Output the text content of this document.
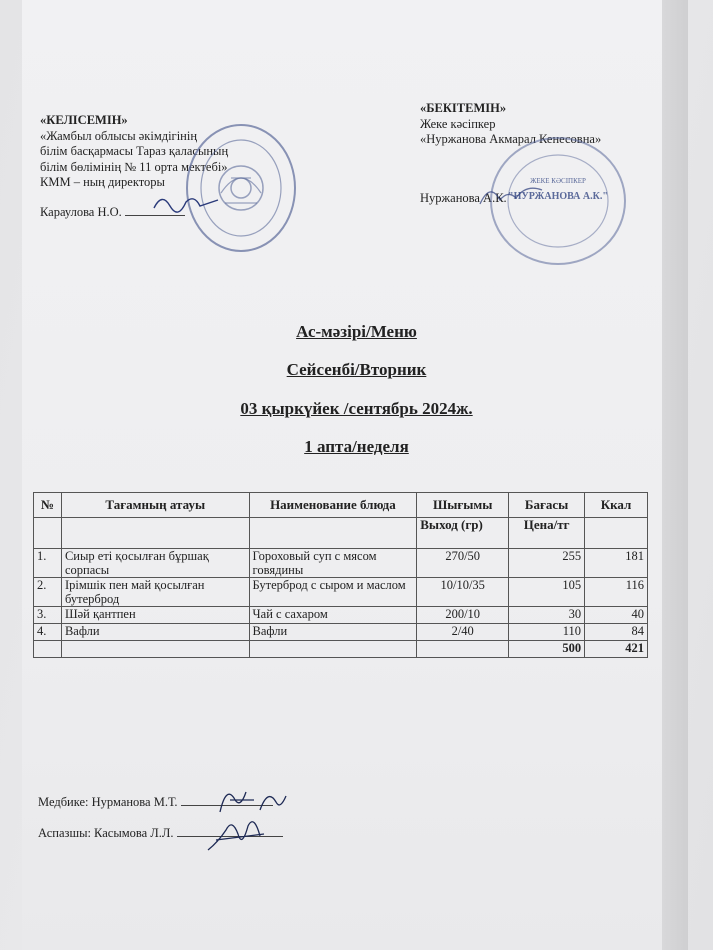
«КЕЛІСЕМІН»
«Жамбыл облысы әкімдігінің
білім басқармасы Тараз қаласының
білім бөлімінің № 11 орта мектебі»
КММ – ның директоры
Караулова Н.О.
«БЕКІТЕМІН»
Жеке кәсіпкер
«Нуржанова Акмарал Кенесовна»
Нуржанова А.К.
ЖЕКЕ КӘСІПКЕР
"НУРЖАНОВА А.К."
Ас-мәзірі/Меню
Сейсенбі/Вторник
03 қыркүйек /сентябрь 2024ж.
1 апта/неделя
№	Тағамның атауы	Наименование блюда	Шығымы	Бағасы	Ккал
			Выход (гр)	Цена/тг	
1.	Сиыр еті қосылған бұршақ сорпасы	Гороховый суп с мясом говядины	270/50	255	181
2.	Ірімшік пен май қосылған бутерброд	Бутерброд с сыром и маслом	10/10/35	105	116
3.	Шәй қантпен	Чай с сахаром	200/10	30	40
4.	Вафли	Вафли	2/40	110	84
				500	421
Медбике: Нурманова М.Т.
Аспазшы: Касымова Л.Л.
